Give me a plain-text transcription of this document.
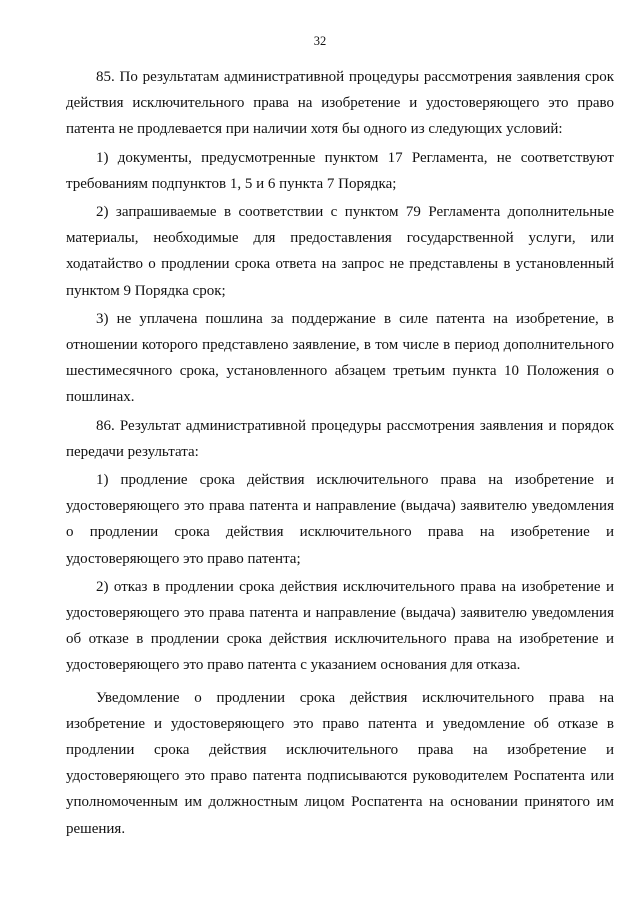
32

85. По результатам административной процедуры рассмотрения заявления срок действия исключительного права на изобретение и удостоверяющего это право патента не продлевается при наличии хотя бы одного из следующих условий:

1) документы, предусмотренные пунктом 17 Регламента, не соответствуют требованиям подпунктов 1, 5 и 6 пункта 7 Порядка;

2) запрашиваемые в соответствии с пунктом 79 Регламента дополнительные материалы, необходимые для предоставления государственной услуги, или ходатайство о продлении срока ответа на запрос не представлены в установленный пунктом 9 Порядка срок;

3) не уплачена пошлина за поддержание в силе патента на изобретение, в отношении которого представлено заявление, в том числе в период дополнительного шестимесячного срока, установленного абзацем третьим пункта 10 Положения о пошлинах.

86. Результат административной процедуры рассмотрения заявления и порядок передачи результата:

1) продление срока действия исключительного права на изобретение и удостоверяющего это права патента и направление (выдача) заявителю уведомления о продлении срока действия исключительного права на изобретение и удостоверяющего это право патента;

2) отказ в продлении срока действия исключительного права на изобретение и удостоверяющего это права патента и направление (выдача) заявителю уведомления об отказе в продлении срока действия исключительного права на изобретение и удостоверяющего это право патента с указанием основания для отказа.

Уведомление о продлении срока действия исключительного права на изобретение и удостоверяющего это право патента и уведомление об отказе в продлении срока действия исключительного права на изобретение и удостоверяющего это право патента подписываются руководителем Роспатента или уполномоченным им должностным лицом Роспатента на основании принятого им решения.
